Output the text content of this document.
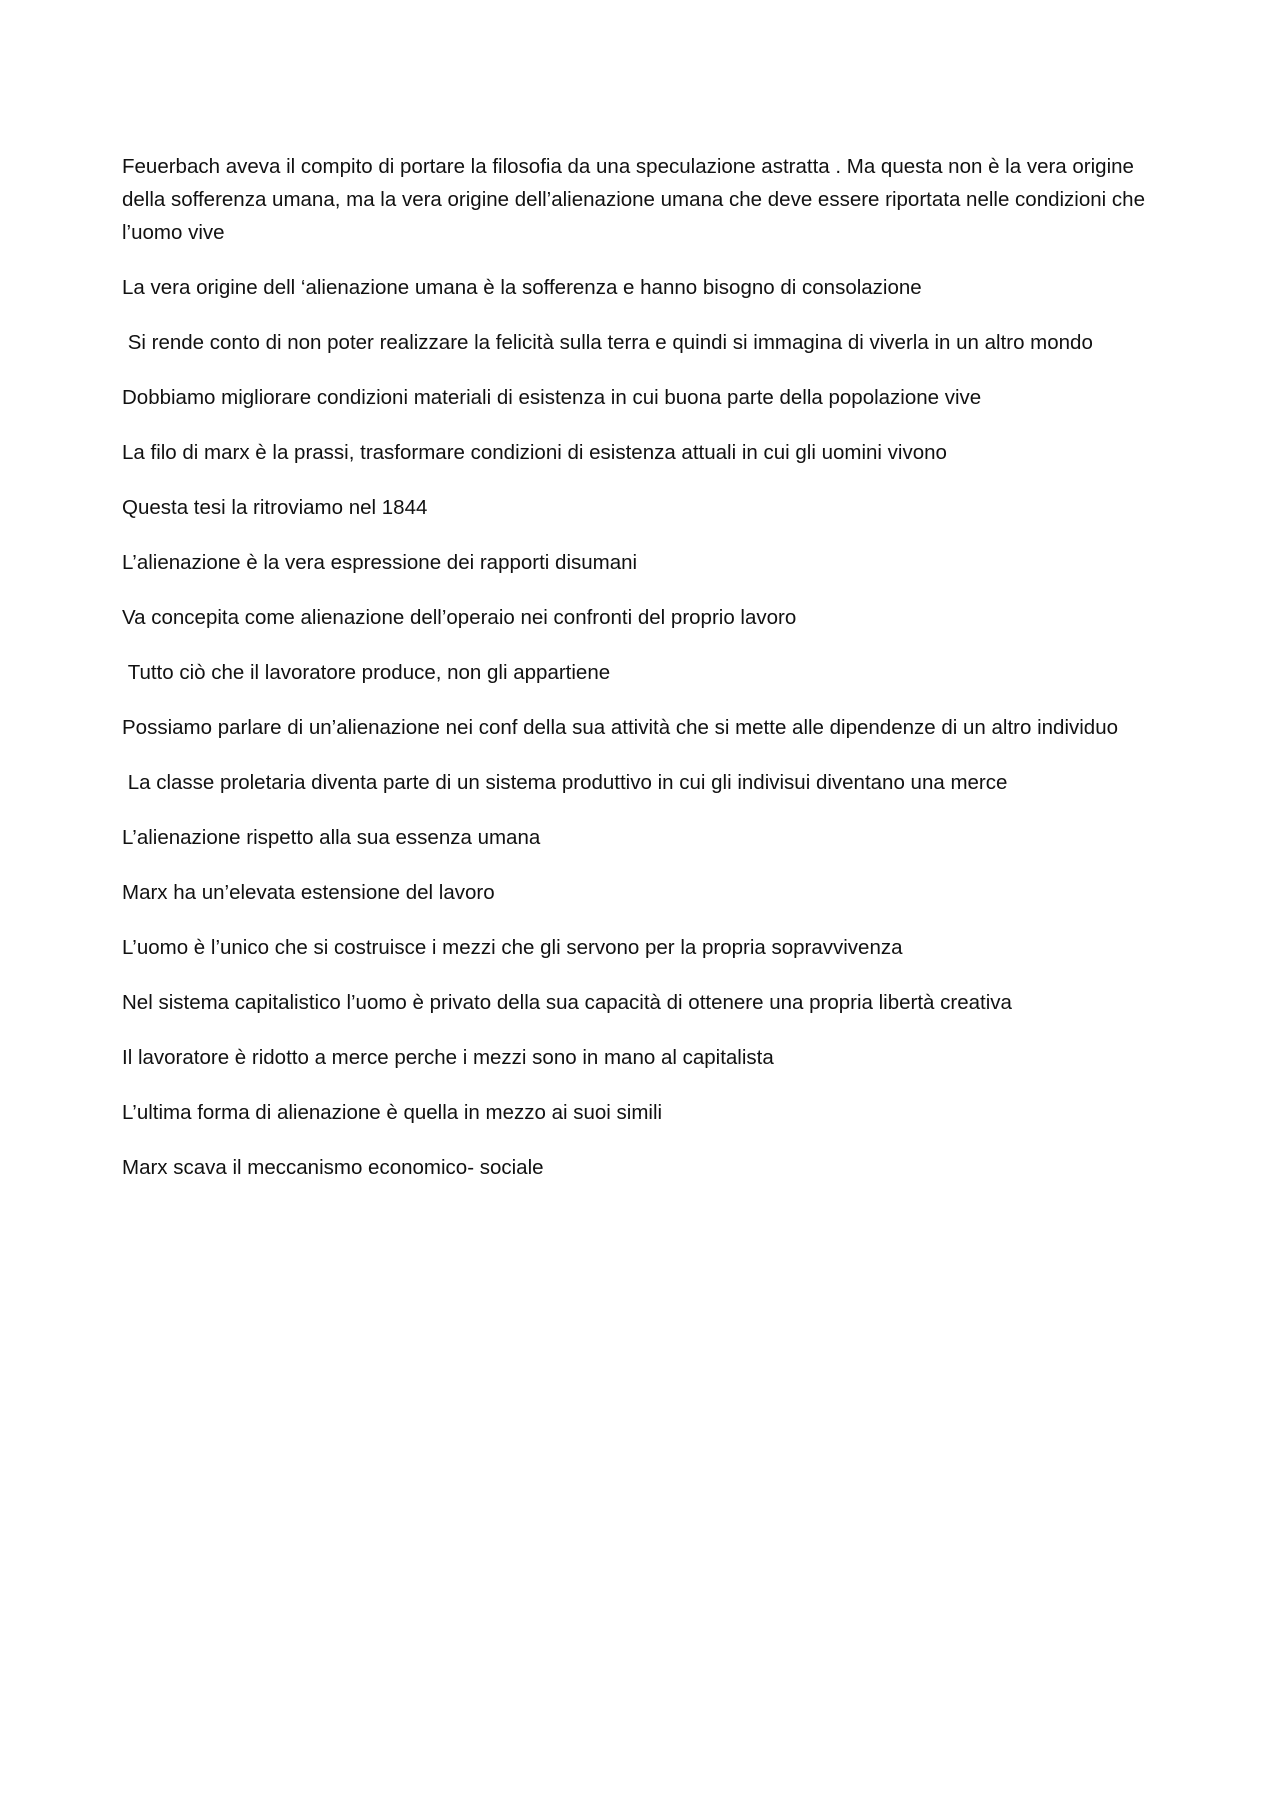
Feuerbach aveva il compito di portare la filosofia da una speculazione astratta . Ma questa non è la vera origine della sofferenza umana, ma la vera origine dell’alienazione umana che deve essere riportata nelle condizioni che l’uomo vive

La vera origine dell ‘alienazione umana è la sofferenza e hanno bisogno di consolazione

Si rende conto di non poter realizzare la felicità sulla terra e quindi si immagina di viverla in un altro mondo

Dobbiamo migliorare condizioni materiali di esistenza in cui buona parte della popolazione vive

La filo di marx è la prassi, trasformare condizioni di esistenza attuali in cui gli uomini vivono

Questa tesi la ritroviamo nel 1844

L’alienazione è la vera espressione dei rapporti disumani

Va concepita come alienazione dell’operaio nei confronti del proprio lavoro

Tutto ciò che il lavoratore produce, non gli appartiene

Possiamo parlare di un’alienazione nei conf della sua attività che si mette alle dipendenze di un altro individuo

La classe proletaria diventa parte di un sistema produttivo in cui gli indivisui diventano una merce

L’alienazione rispetto alla sua essenza umana

Marx ha un’elevata estensione del lavoro

L’uomo è l’unico che si costruisce i mezzi che gli servono per la propria sopravvivenza

Nel sistema capitalistico l’uomo è privato della sua capacità di ottenere una propria libertà creativa

Il lavoratore è ridotto a merce perche i mezzi sono in mano al capitalista

L’ultima forma di alienazione è quella in mezzo ai suoi simili

Marx scava il meccanismo economico- sociale
